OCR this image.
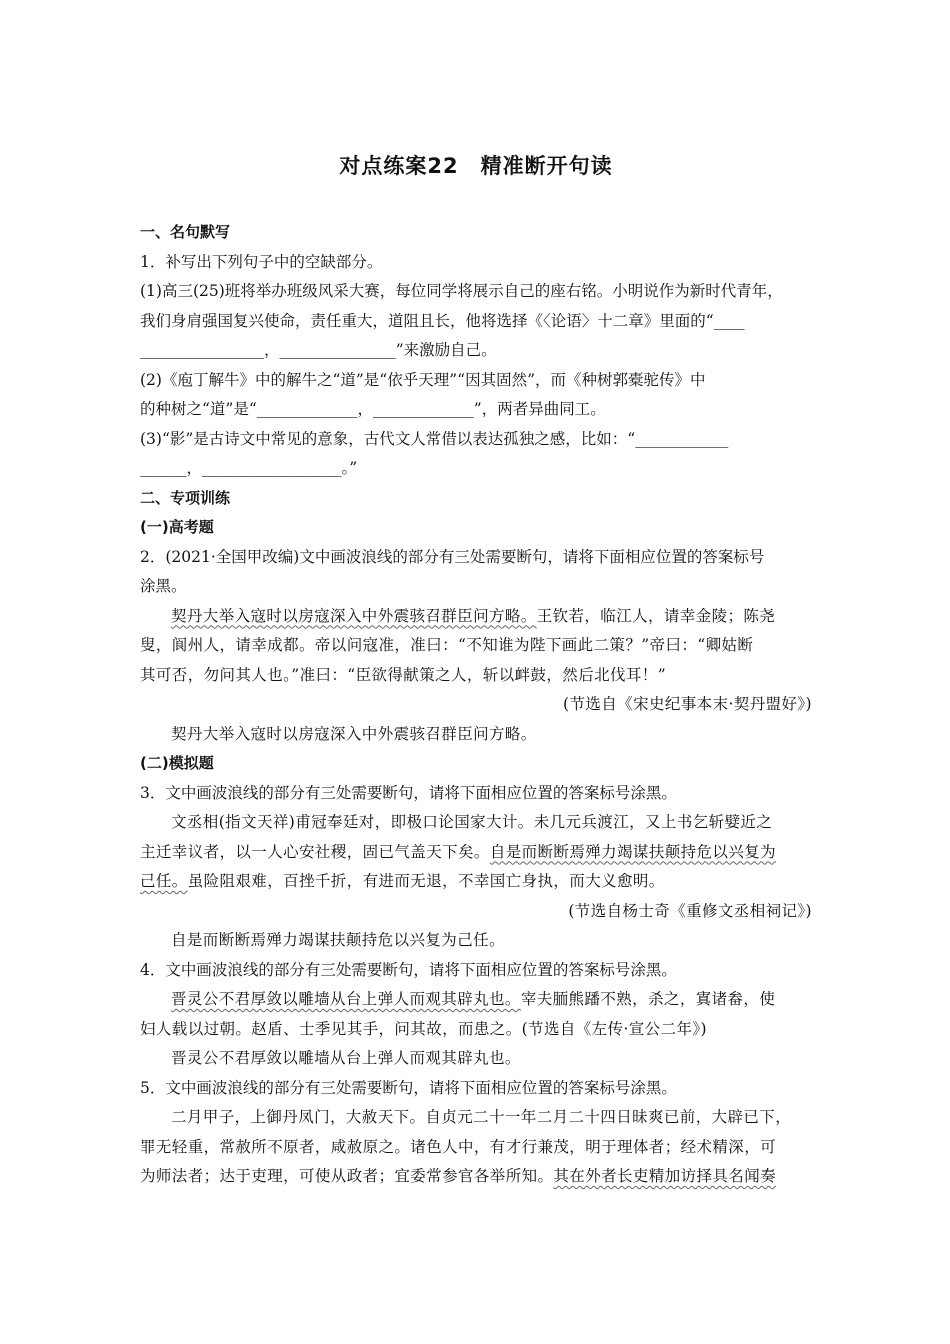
对点练案22　精准断开句读

一、名句默写

1．补写出下列句子中的空缺部分。

(1)高三(25)班将举办班级风采大赛，每位同学将展示自己的座右铭。小明说作为新时代青年，

我们身肩强国复兴使命，责任重大，道阻且长，他将选择《〈论语〉十二章》里面的“____

________________，_______________”来激励自己。

(2)《庖丁解牛》中的解牛之“道”是“依乎天理”“因其固然”，而《种树郭橐驼传》中

的种树之“道”是“_____________，_____________”，两者异曲同工。

(3)“影”是古诗文中常见的意象，古代文人常借以表达孤独之感，比如：“____________

______，__________________。”

二、专项训练

(一)高考题

2．(2021·全国甲改编)文中画波浪线的部分有三处需要断句，请将下面相应位置的答案标号

涂黑。

契丹大举入寇时以房寇深入中外震骇召群臣问方略。王钦若，临江人，请幸金陵；陈尧

叟，阆州人，请幸成都。帝以问寇准，准曰：“不知谁为陛下画此二策？”帝曰：“卿姑断

其可否，勿问其人也。”准曰：“臣欲得献策之人，斩以衅鼓，然后北伐耳！”

(节选自《宋史纪事本末·契丹盟好》)

契丹大举入寇时以房寇深入中外震骇召群臣问方略。

(二)模拟题

3．文中画波浪线的部分有三处需要断句，请将下面相应位置的答案标号涂黑。

文丞相(指文天祥)甫冠奉廷对，即极口论国家大计。未几元兵渡江，又上书乞斩嬖近之

主迁幸议者，以一人心安社稷，固已气盖天下矣。自是而断断焉殚力竭谋扶颠持危以兴复为

己任。虽险阻艰难，百挫千折，有进而无退，不幸国亡身执，而大义愈明。

(节选自杨士奇《重修文丞相祠记》)

自是而断断焉殚力竭谋扶颠持危以兴复为己任。

4．文中画波浪线的部分有三处需要断句，请将下面相应位置的答案标号涂黑。

晋灵公不君厚敛以雕墙从台上弹人而观其辟丸也。宰夫胹熊蹯不熟，杀之，寘诸畚，使

妇人载以过朝。赵盾、士季见其手，问其故，而患之。(节选自《左传·宣公二年》)

晋灵公不君厚敛以雕墙从台上弹人而观其辟丸也。

5．文中画波浪线的部分有三处需要断句，请将下面相应位置的答案标号涂黑。

二月甲子，上御丹凤门，大赦天下。自贞元二十一年二月二十四日昧爽已前，大辟已下，

罪无轻重，常赦所不原者，咸赦原之。诸色人中，有才行兼茂，明于理体者；经术精深，可

为师法者；达于吏理，可使从政者；宜委常参官各举所知。其在外者长吏精加访择具名闻奏
